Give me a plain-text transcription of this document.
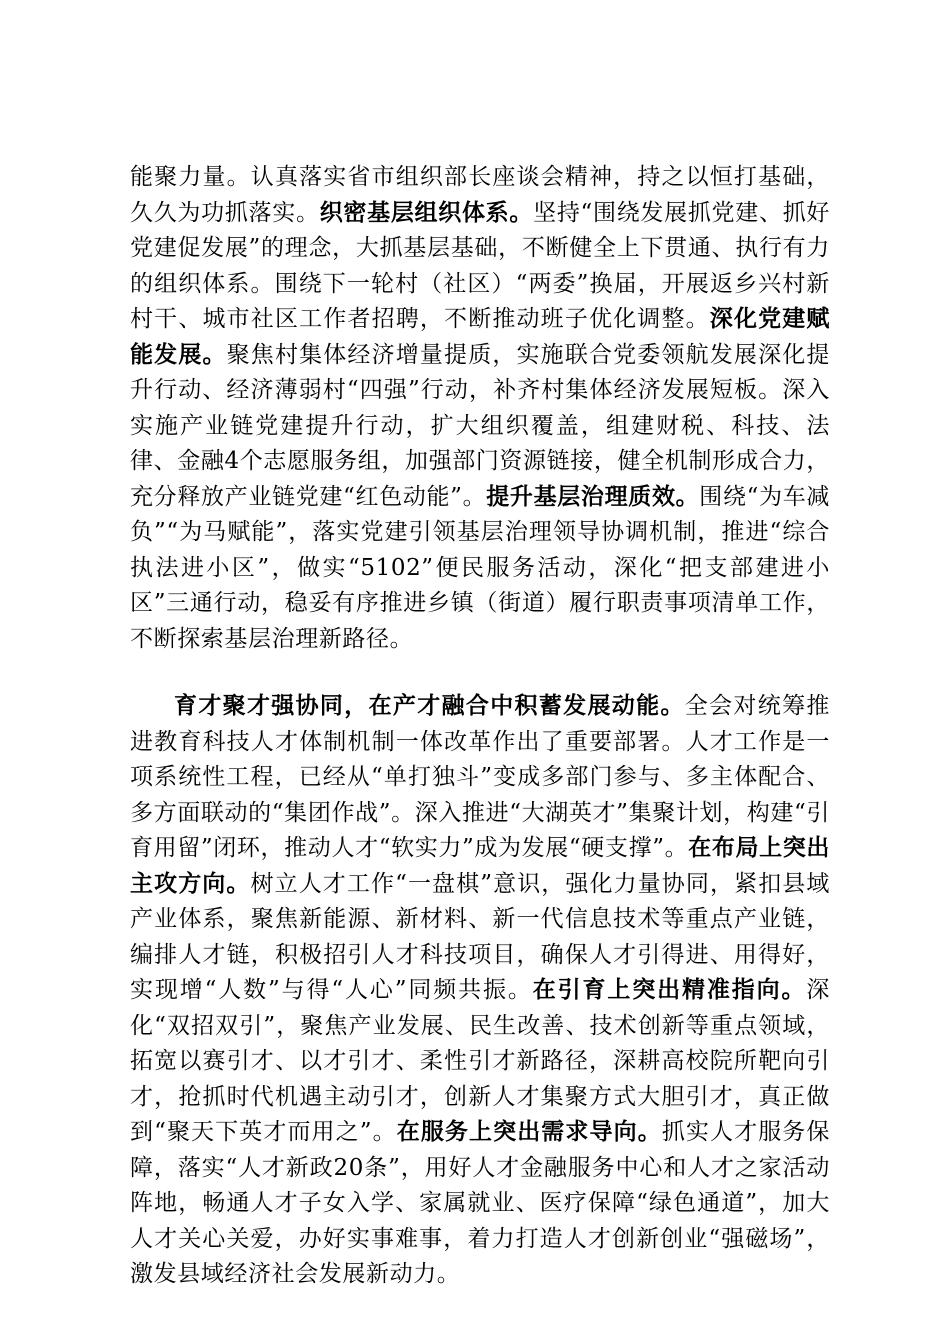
能聚力量。认真落实省市组织部长座谈会精神，持之以恒打基础，久久为功抓落实。织密基层组织体系。坚持“围绕发展抓党建、抓好党建促发展”的理念，大抓基层基础，不断健全上下贯通、执行有力的组织体系。围绕下一轮村（社区）“两委”换届，开展返乡兴村新村干、城市社区工作者招聘，不断推动班子优化调整。深化党建赋能发展。聚焦村集体经济增量提质，实施联合党委领航发展深化提升行动、经济薄弱村“四强”行动，补齐村集体经济发展短板。深入实施产业链党建提升行动，扩大组织覆盖，组建财税、科技、法律、金融4个志愿服务组，加强部门资源链接，健全机制形成合力，充分释放产业链党建“红色动能”。提升基层治理质效。围绕“为车减负”“为马赋能”，落实党建引领基层治理领导协调机制，推进“综合执法进小区”，做实“5102”便民服务活动，深化“把支部建进小区”三通行动，稳妥有序推进乡镇（街道）履行职责事项清单工作，不断探索基层治理新路径。

育才聚才强协同，在产才融合中积蓄发展动能。全会对统筹推进教育科技人才体制机制一体改革作出了重要部署。人才工作是一项系统性工程，已经从“单打独斗”变成多部门参与、多主体配合、多方面联动的“集团作战”。深入推进“大湖英才”集聚计划，构建“引育用留”闭环，推动人才“软实力”成为发展“硬支撑”。在布局上突出主攻方向。树立人才工作“一盘棋”意识，强化力量协同，紧扣县域产业体系，聚焦新能源、新材料、新一代信息技术等重点产业链，编排人才链，积极招引人才科技项目，确保人才引得进、用得好，实现增“人数”与得“人心”同频共振。在引育上突出精准指向。深化“双招双引”，聚焦产业发展、民生改善、技术创新等重点领域，拓宽以赛引才、以才引才、柔性引才新路径，深耕高校院所靶向引才，抢抓时代机遇主动引才，创新人才集聚方式大胆引才，真正做到“聚天下英才而用之”。在服务上突出需求导向。抓实人才服务保障，落实“人才新政20条”，用好人才金融服务中心和人才之家活动阵地，畅通人才子女入学、家属就业、医疗保障“绿色通道”，加大人才关心关爱，办好实事难事，着力打造人才创新创业“强磁场”，激发县域经济社会发展新动力。
